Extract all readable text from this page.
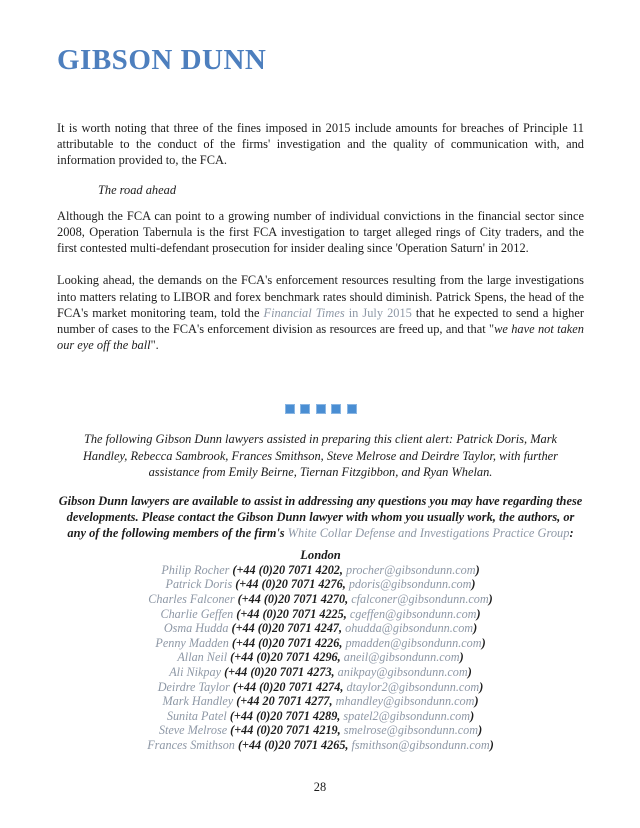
GIBSON DUNN

It is worth noting that three of the fines imposed in 2015 include amounts for breaches of Principle 11 attributable to the conduct of the firms' investigation and the quality of communication with, and information provided to, the FCA.

The road ahead

Although the FCA can point to a growing number of individual convictions in the financial sector since 2008, Operation Tabernula is the first FCA investigation to target alleged rings of City traders, and the first contested multi-defendant prosecution for insider dealing since 'Operation Saturn' in 2012.

Looking ahead, the demands on the FCA's enforcement resources resulting from the large investigations into matters relating to LIBOR and forex benchmark rates should diminish. Patrick Spens, the head of the FCA's market monitoring team, told the Financial Times in July 2015 that he expected to send a higher number of cases to the FCA's enforcement division as resources are freed up, and that "we have not taken our eye off the ball".

The following Gibson Dunn lawyers assisted in preparing this client alert: Patrick Doris, Mark Handley, Rebecca Sambrook, Frances Smithson, Steve Melrose and Deirdre Taylor, with further assistance from Emily Beirne, Tiernan Fitzgibbon, and Ryan Whelan.

Gibson Dunn lawyers are available to assist in addressing any questions you may have regarding these developments. Please contact the Gibson Dunn lawyer with whom you usually work, the authors, or any of the following members of the firm's White Collar Defense and Investigations Practice Group:

London
Philip Rocher (+44 (0)20 7071 4202, procher@gibsondunn.com)
Patrick Doris (+44 (0)20 7071 4276, pdoris@gibsondunn.com)
Charles Falconer (+44 (0)20 7071 4270, cfalconer@gibsondunn.com)
Charlie Geffen (+44 (0)20 7071 4225, cgeffen@gibsondunn.com)
Osma Hudda (+44 (0)20 7071 4247, ohudda@gibsondunn.com)
Penny Madden (+44 (0)20 7071 4226, pmadden@gibsondunn.com)
Allan Neil (+44 (0)20 7071 4296, aneil@gibsondunn.com)
Ali Nikpay (+44 (0)20 7071 4273, anikpay@gibsondunn.com)
Deirdre Taylor (+44 (0)20 7071 4274, dtaylor2@gibsondunn.com)
Mark Handley (+44 20 7071 4277, mhandley@gibsondunn.com)
Sunita Patel (+44 (0)20 7071 4289, spatel2@gibsondunn.com)
Steve Melrose (+44 (0)20 7071 4219, smelrose@gibsondunn.com)
Frances Smithson (+44 (0)20 7071 4265, fsmithson@gibsondunn.com)
28
